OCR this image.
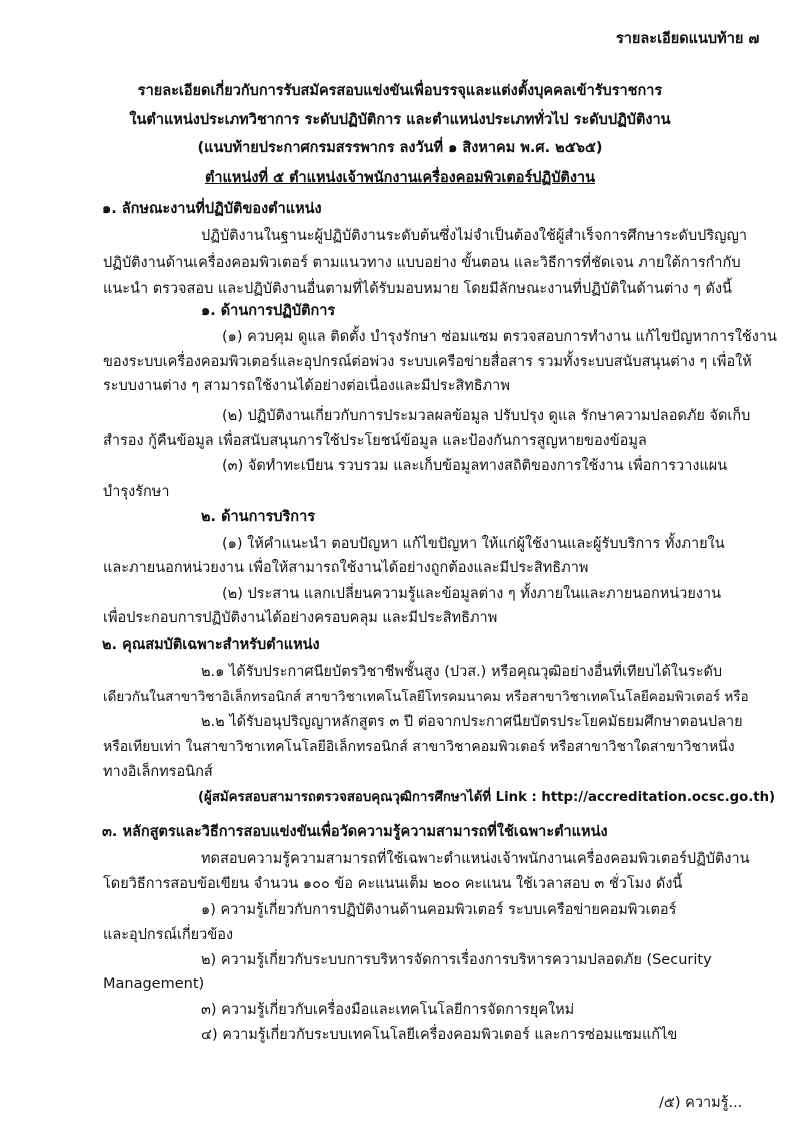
รายละเอียดแนบท้าย ๗
รายละเอียดเกี่ยวกับการรับสมัครสอบแข่งขันเพื่อบรรจุและแต่งตั้งบุคคลเข้ารับราชการ
ในตำแหน่งประเภทวิชาการ ระดับปฏิบัติการ และตำแหน่งประเภททั่วไป ระดับปฏิบัติงาน
(แนบท้ายประกาศกรมสรรพากร ลงวันที่ ๑ สิงหาคม พ.ศ. ๒๕๖๕)
ตำแหน่งที่ ๕ ตำแหน่งเจ้าพนักงานเครื่องคอมพิวเตอร์ปฏิบัติงาน
๑. ลักษณะงานที่ปฏิบัติของตำแหน่ง
ปฏิบัติงานในฐานะผู้ปฏิบัติงานระดับต้นซึ่งไม่จำเป็นต้องใช้ผู้สำเร็จการศึกษาระดับปริญญา
ปฏิบัติงานด้านเครื่องคอมพิวเตอร์ ตามแนวทาง แบบอย่าง ขั้นตอน และวิธีการที่ชัดเจน ภายใต้การกำกับ
แนะนำ ตรวจสอบ และปฏิบัติงานอื่นตามที่ได้รับมอบหมาย โดยมีลักษณะงานที่ปฏิบัติในด้านต่าง ๆ ดังนี้
๑. ด้านการปฏิบัติการ
(๑) ควบคุม ดูแล ติดตั้ง บำรุงรักษา ซ่อมแซม ตรวจสอบการทำงาน แก้ไขปัญหาการใช้งาน
ของระบบเครื่องคอมพิวเตอร์และอุปกรณ์ต่อพ่วง ระบบเครือข่ายสื่อสาร รวมทั้งระบบสนับสนุนต่าง ๆ เพื่อให้
ระบบงานต่าง ๆ สามารถใช้งานได้อย่างต่อเนื่องและมีประสิทธิภาพ
(๒) ปฏิบัติงานเกี่ยวกับการประมวลผลข้อมูล ปรับปรุง ดูแล รักษาความปลอดภัย จัดเก็บ
สำรอง กู้คืนข้อมูล เพื่อสนับสนุนการใช้ประโยชน์ข้อมูล และป้องกันการสูญหายของข้อมูล
(๓) จัดทำทะเบียน รวบรวม และเก็บข้อมูลทางสถิติของการใช้งาน เพื่อการวางแผน
บำรุงรักษา
๒. ด้านการบริการ
(๑) ให้คำแนะนำ ตอบปัญหา แก้ไขปัญหา ให้แก่ผู้ใช้งานและผู้รับบริการ ทั้งภายใน
และภายนอกหน่วยงาน เพื่อให้สามารถใช้งานได้อย่างถูกต้องและมีประสิทธิภาพ
(๒) ประสาน แลกเปลี่ยนความรู้และข้อมูลต่าง ๆ ทั้งภายในและภายนอกหน่วยงาน
เพื่อประกอบการปฏิบัติงานได้อย่างครอบคลุม และมีประสิทธิภาพ
๒. คุณสมบัติเฉพาะสำหรับตำแหน่ง
๒.๑ ได้รับประกาศนียบัตรวิชาชีพชั้นสูง (ปวส.) หรือคุณวุฒิอย่างอื่นที่เทียบได้ในระดับ
เดียวกันในสาขาวิชาอิเล็กทรอนิกส์ สาขาวิชาเทคโนโลยีโทรคมนาคม หรือสาขาวิชาเทคโนโลยีคอมพิวเตอร์ หรือ
๒.๒ ได้รับอนุปริญญาหลักสูตร ๓ ปี ต่อจากประกาศนียบัตรประโยคมัธยมศึกษาตอนปลาย
หรือเทียบเท่า ในสาขาวิชาเทคโนโลยีอิเล็กทรอนิกส์ สาขาวิชาคอมพิวเตอร์ หรือสาขาวิชาใดสาขาวิชาหนึ่ง
ทางอิเล็กทรอนิกส์
(ผู้สมัครสอบสามารถตรวจสอบคุณวุฒิการศึกษาได้ที่ Link : http://accreditation.ocsc.go.th)
๓. หลักสูตรและวิธีการสอบแข่งขันเพื่อวัดความรู้ความสามารถที่ใช้เฉพาะตำแหน่ง
ทดสอบความรู้ความสามารถที่ใช้เฉพาะตำแหน่งเจ้าพนักงานเครื่องคอมพิวเตอร์ปฏิบัติงาน
โดยวิธีการสอบข้อเขียน จำนวน ๑๐๐ ข้อ คะแนนเต็ม ๒๐๐ คะแนน ใช้เวลาสอบ ๓ ชั่วโมง ดังนี้
๑) ความรู้เกี่ยวกับการปฏิบัติงานด้านคอมพิวเตอร์ ระบบเครือข่ายคอมพิวเตอร์
และอุปกรณ์เกี่ยวข้อง
๒) ความรู้เกี่ยวกับระบบการบริหารจัดการเรื่องการบริหารความปลอดภัย (Security
Management)
๓) ความรู้เกี่ยวกับเครื่องมือและเทคโนโลยีการจัดการยุคใหม่
๔) ความรู้เกี่ยวกับระบบเทคโนโลยีเครื่องคอมพิวเตอร์ และการซ่อมแซมแก้ไข
/๕) ความรู้...
